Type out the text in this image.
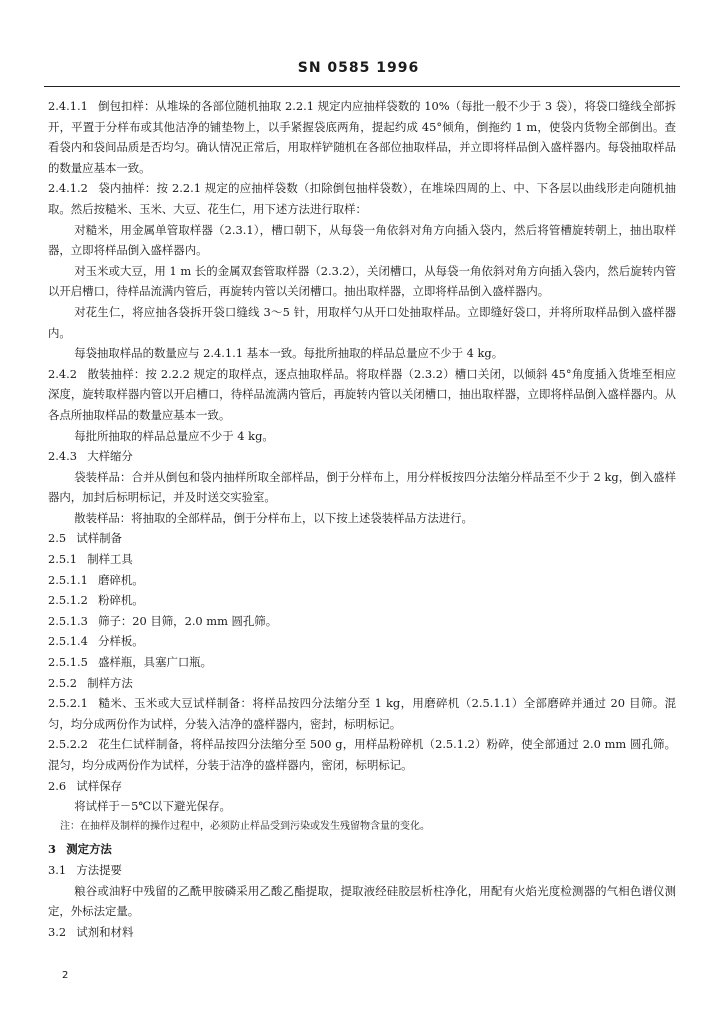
SN 0585 1996

2.4.1.1 倒包扣样：从堆垛的各部位随机抽取 2.2.1 规定内应抽样袋数的 10%（每批一般不少于 3 袋），将袋口缝线全部拆开，平置于分样布或其他洁净的铺垫物上，以手紧握袋底两角，提起约成 45°倾角，倒拖约 1 m，使袋内货物全部倒出。查看袋内和袋间品质是否均匀。确认情况正常后，用取样铲随机在各部位抽取样品，并立即将样品倒入盛样器内。每袋抽取样品的数量应基本一致。

2.4.1.2 袋内抽样：按 2.2.1 规定的应抽样袋数（扣除倒包抽样袋数），在堆垛四周的上、中、下各层以曲线形走向随机抽取。然后按糙米、玉米、大豆、花生仁，用下述方法进行取样：

对糙米，用金属单管取样器（2.3.1），槽口朝下，从每袋一角依斜对角方向插入袋内，然后将管槽旋转朝上，抽出取样器，立即将样品倒入盛样器内。

对玉米或大豆，用 1 m 长的金属双套管取样器（2.3.2），关闭槽口，从每袋一角依斜对角方向插入袋内，然后旋转内管以开启槽口，待样品流满内管后，再旋转内管以关闭槽口。抽出取样器，立即将样品倒入盛样器内。

对花生仁，将应抽各袋拆开袋口缝线 3～5 针，用取样勺从开口处抽取样品。立即缝好袋口，并将所取样品倒入盛样器内。

每袋抽取样品的数量应与 2.4.1.1 基本一致。每批所抽取的样品总量应不少于 4 kg。

2.4.2 散装抽样：按 2.2.2 规定的取样点，逐点抽取样品。将取样器（2.3.2）槽口关闭，以倾斜 45°角度插入货堆至相应深度，旋转取样器内管以开启槽口，待样品流满内管后，再旋转内管以关闭槽口，抽出取样器，立即将样品倒入盛样器内。从各点所抽取样品的数量应基本一致。

每批所抽取的样品总量应不少于 4 kg。

2.4.3 大样缩分

袋装样品：合并从倒包和袋内抽样所取全部样品，倒于分样布上，用分样板按四分法缩分样品至不少于 2 kg，倒入盛样器内，加封后标明标记，并及时送交实验室。

散装样品：将抽取的全部样品，倒于分样布上，以下按上述袋装样品方法进行。

2.5 试样制备

2.5.1 制样工具

2.5.1.1 磨碎机。

2.5.1.2 粉碎机。

2.5.1.3 筛子：20 目筛，2.0 mm 圆孔筛。

2.5.1.4 分样板。

2.5.1.5 盛样瓶，具塞广口瓶。

2.5.2 制样方法

2.5.2.1 糙米、玉米或大豆试样制备：将样品按四分法缩分至 1 kg，用磨碎机（2.5.1.1）全部磨碎并通过 20 目筛。混匀，均分成两份作为试样，分装入洁净的盛样器内，密封，标明标记。

2.5.2.2 花生仁试样制备，将样品按四分法缩分至 500 g，用样品粉碎机（2.5.1.2）粉碎，使全部通过 2.0 mm 圆孔筛。混匀，均分成两份作为试样，分装于洁净的盛样器内，密闭，标明标记。

2.6 试样保存

将试样于－5℃以下避光保存。

注：在抽样及制样的操作过程中，必须防止样品受到污染或发生残留物含量的变化。

3 测定方法

3.1 方法提要

粮谷或油籽中残留的乙酰甲胺磷采用乙酸乙酯提取，提取液经硅胶层析柱净化，用配有火焰光度检测器的气相色谱仪测定，外标法定量。

3.2 试剂和材料

2
